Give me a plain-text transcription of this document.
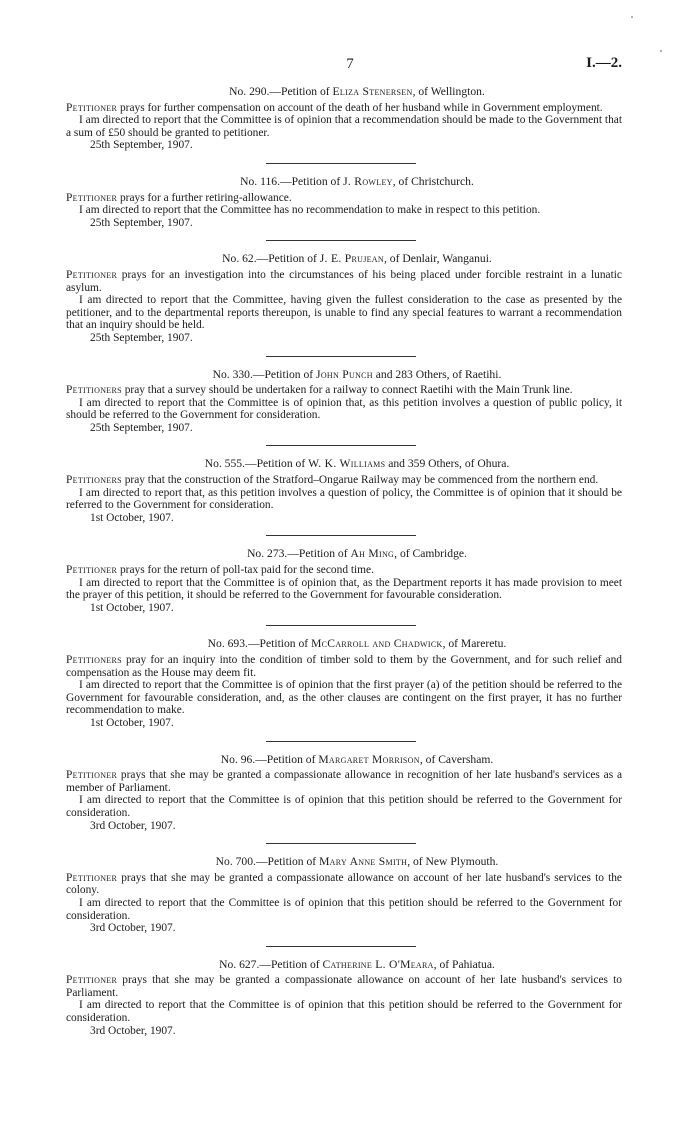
7	I.—2.
No. 290.—Petition of Eliza Stenersen, of Wellington.

Petitioner prays for further compensation on account of the death of her husband while in Government employment.

I am directed to report that the Committee is of opinion that a recommendation should be made to the Government that a sum of £50 should be granted to petitioner.

25th September, 1907.
No. 116.—Petition of J. Rowley, of Christchurch.

Petitioner prays for a further retiring-allowance.

I am directed to report that the Committee has no recommendation to make in respect to this petition.

25th September, 1907.
No. 62.—Petition of J. E. Prujean, of Denlair, Wanganui.

Petitioner prays for an investigation into the circumstances of his being placed under forcible restraint in a lunatic asylum.

I am directed to report that the Committee, having given the fullest consideration to the case as presented by the petitioner, and to the departmental reports thereupon, is unable to find any special features to warrant a recommendation that an inquiry should be held.

25th September, 1907.
No. 330.—Petition of John Punch and 283 Others, of Raetihi.

Petitioners pray that a survey should be undertaken for a railway to connect Raetihi with the Main Trunk line.

I am directed to report that the Committee is of opinion that, as this petition involves a question of public policy, it should be referred to the Government for consideration.

25th September, 1907.
No. 555.—Petition of W. K. Williams and 359 Others, of Ohura.

Petitioners pray that the construction of the Stratford–Ongarue Railway may be commenced from the northern end.

I am directed to report that, as this petition involves a question of policy, the Committee is of opinion that it should be referred to the Government for consideration.

1st October, 1907.
No. 273.—Petition of Ah Ming, of Cambridge.

Petitioner prays for the return of poll-tax paid for the second time.

I am directed to report that the Committee is of opinion that, as the Department reports it has made provision to meet the prayer of this petition, it should be referred to the Government for favourable consideration.

1st October, 1907.
No. 693.—Petition of McCarroll and Chadwick, of Mareretu.

Petitioners pray for an inquiry into the condition of timber sold to them by the Government, and for such relief and compensation as the House may deem fit.

I am directed to report that the Committee is of opinion that the first prayer (a) of the petition should be referred to the Government for favourable consideration, and, as the other clauses are contingent on the first prayer, it has no further recommendation to make.

1st October, 1907.
No. 96.—Petition of Margaret Morrison, of Caversham.

Petitioner prays that she may be granted a compassionate allowance in recognition of her late husband's services as a member of Parliament.

I am directed to report that the Committee is of opinion that this petition should be referred to the Government for consideration.

3rd October, 1907.
No. 700.—Petition of Mary Anne Smith, of New Plymouth.

Petitioner prays that she may be granted a compassionate allowance on account of her late husband's services to the colony.

I am directed to report that the Committee is of opinion that this petition should be referred to the Government for consideration.

3rd October, 1907.
No. 627.—Petition of Catherine L. O'Meara, of Pahiatua.

Petitioner prays that she may be granted a compassionate allowance on account of her late husband's services to Parliament.

I am directed to report that the Committee is of opinion that this petition should be referred to the Government for consideration.

3rd October, 1907.
